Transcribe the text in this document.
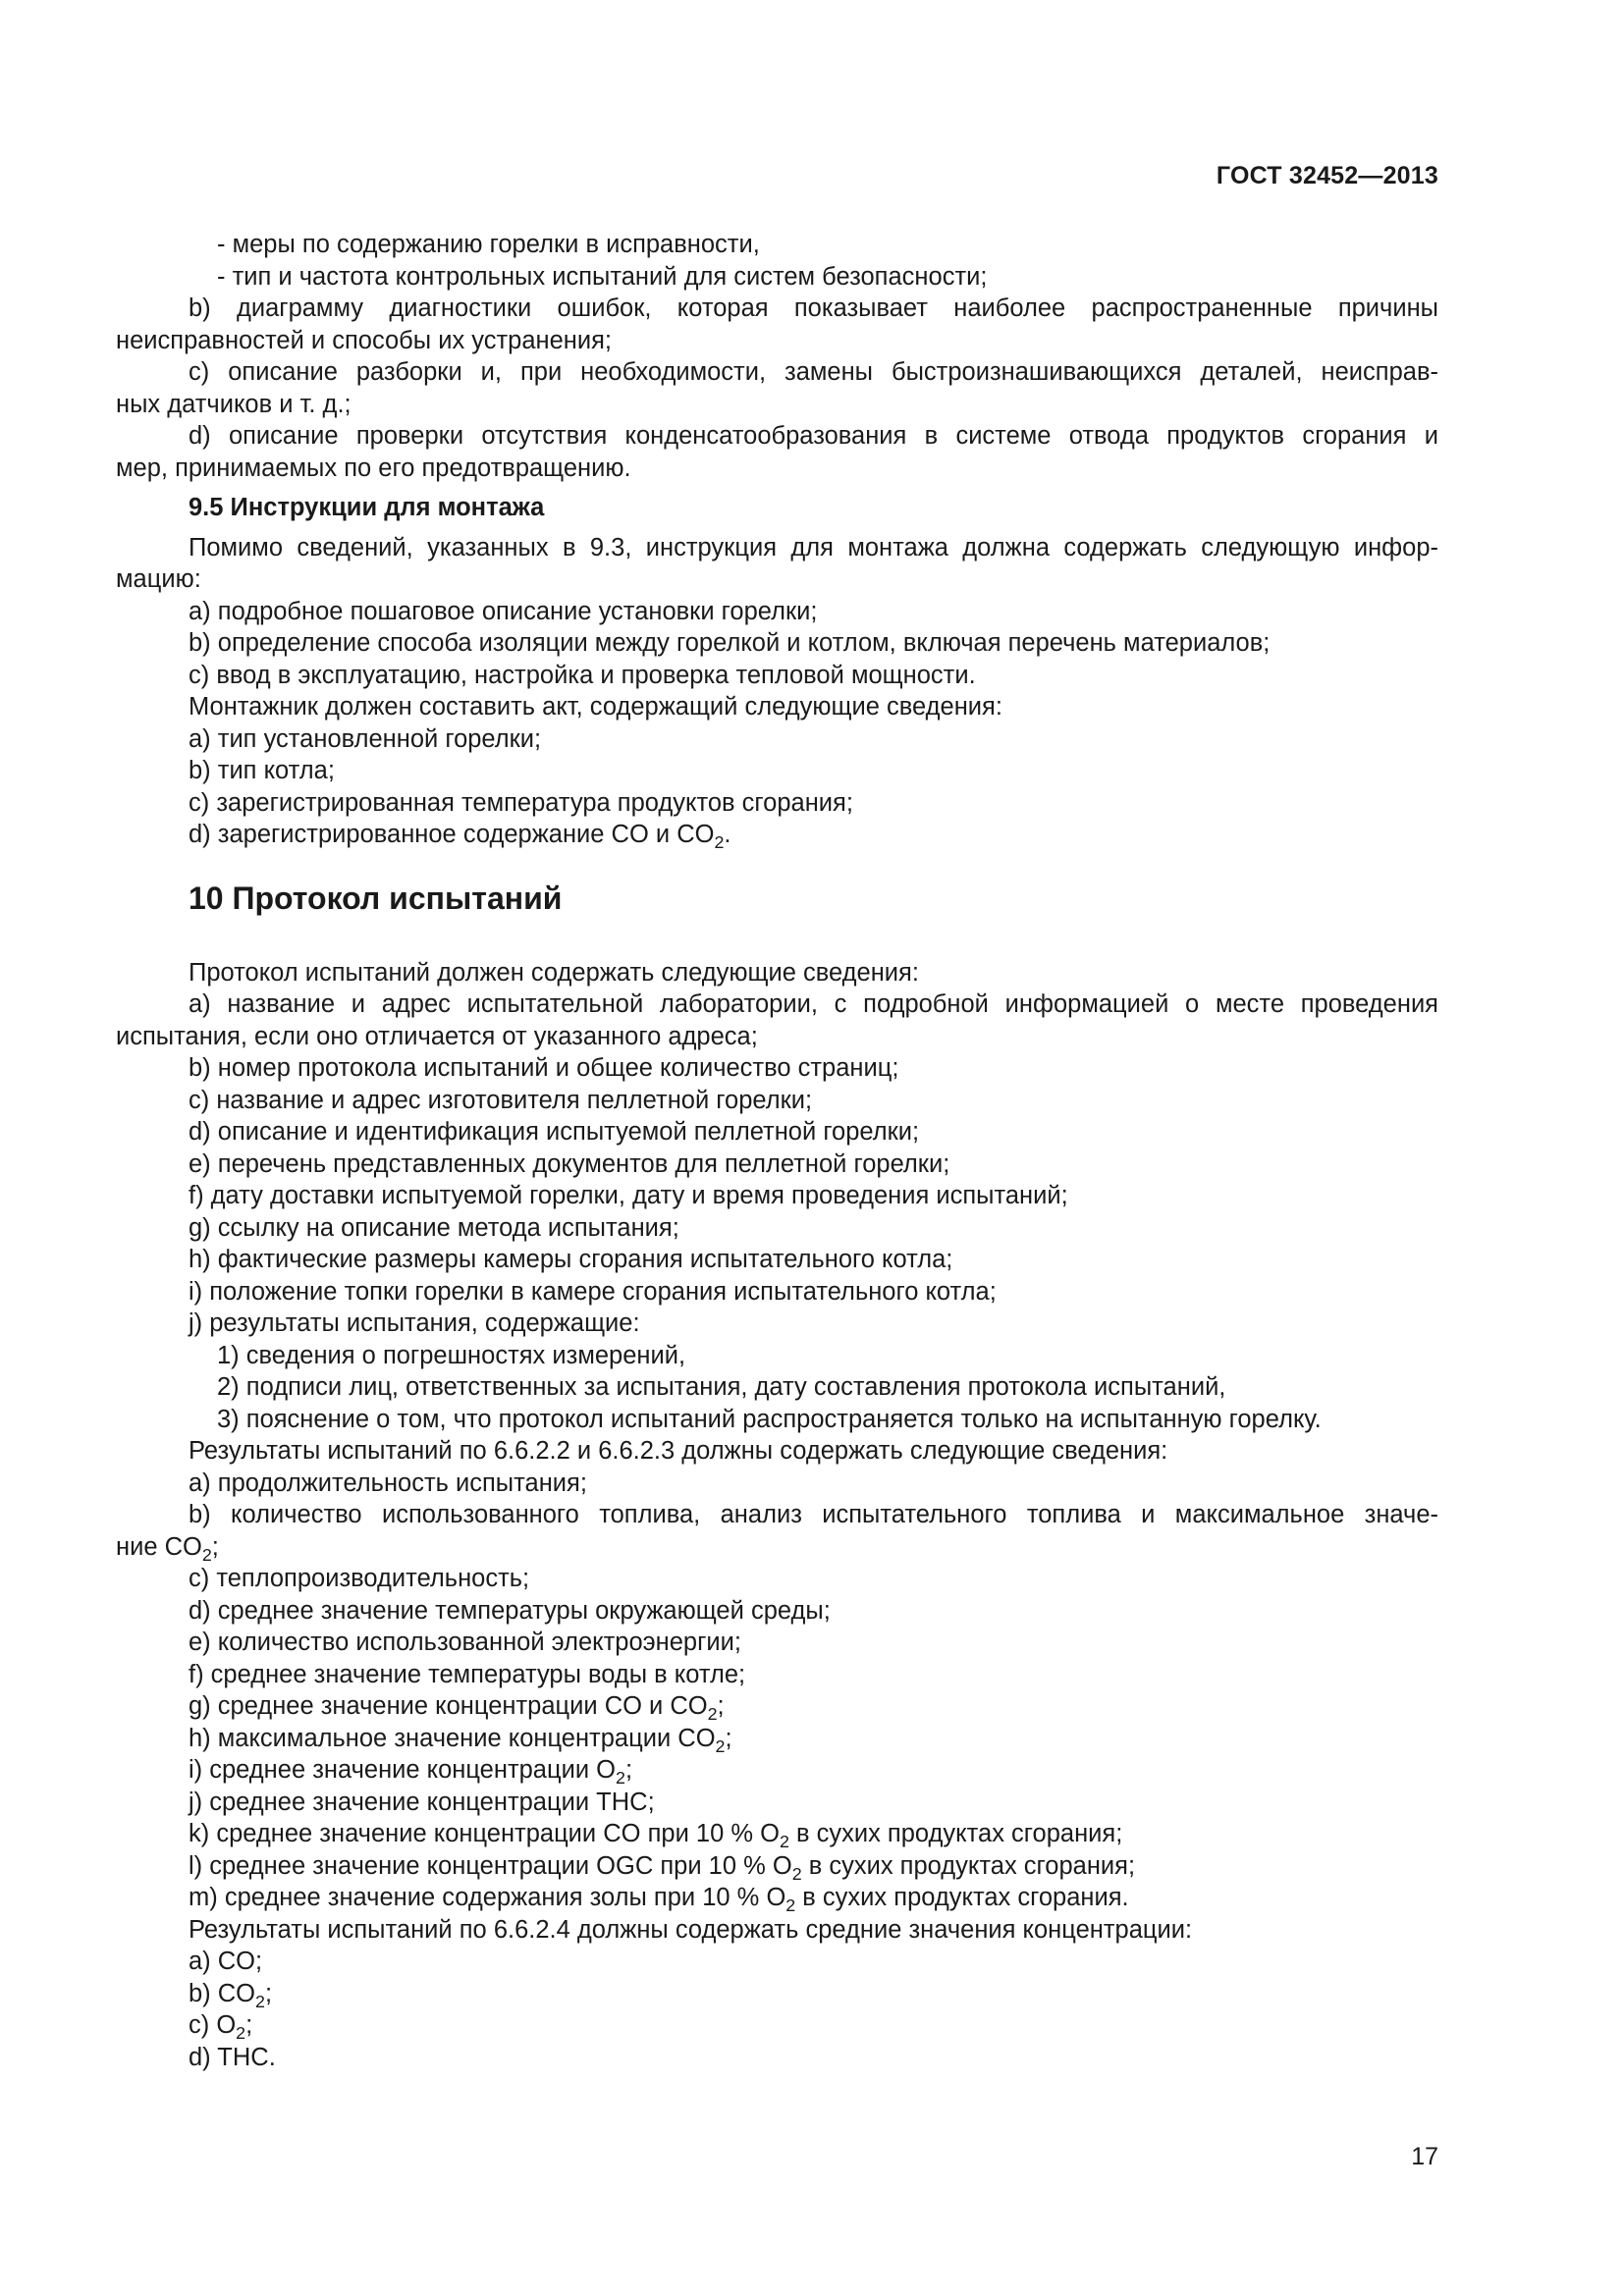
ГОСТ 32452—2013

- меры по содержанию горелки в исправности,

- тип и частота контрольных испытаний для систем безопасности;

b) диаграмму диагностики ошибок, которая показывает наиболее распространенные причины

неисправностей и способы их устранения;

c) описание разборки и, при необходимости, замены быстроизнашивающихся деталей, неисправ-

ных датчиков и т. д.;

d) описание проверки отсутствия конденсатообразования в системе отвода продуктов сгорания и

мер, принимаемых по его предотвращению.

9.5 Инструкции для монтажа

Помимо сведений, указанных в 9.3, инструкция для монтажа должна содержать следующую инфор-

мацию:

a) подробное пошаговое описание установки горелки;

b) определение способа изоляции между горелкой и котлом, включая перечень материалов;

c) ввод в эксплуатацию, настройка и проверка тепловой мощности.

Монтажник должен составить акт, содержащий следующие сведения:

a) тип установленной горелки;

b) тип котла;

c) зарегистрированная температура продуктов сгорания;

d) зарегистрированное содержание CO и $CO_2$.

10 Протокол испытаний

Протокол испытаний должен содержать следующие сведения:

a) название и адрес испытательной лаборатории, с подробной информацией о месте проведения

испытания, если оно отличается от указанного адреса;

b) номер протокола испытаний и общее количество страниц;

c) название и адрес изготовителя пеллетной горелки;

d) описание и идентификация испытуемой пеллетной горелки;

e) перечень представленных документов для пеллетной горелки;

f) дату доставки испытуемой горелки, дату и время проведения испытаний;

g) ссылку на описание метода испытания;

h) фактические размеры камеры сгорания испытательного котла;

i) положение топки горелки в камере сгорания испытательного котла;

j) результаты испытания, содержащие:

1) сведения о погрешностях измерений,

2) подписи лиц, ответственных за испытания, дату составления протокола испытаний,

3) пояснение о том, что протокол испытаний распространяется только на испытанную горелку.

Результаты испытаний по 6.6.2.2 и 6.6.2.3 должны содержать следующие сведения:

a) продолжительность испытания;

b) количество использованного топлива, анализ испытательного топлива и максимальное значе-

ние $CO_2$;

c) теплопроизводительность;

d) среднее значение температуры окружающей среды;

e) количество использованной электроэнергии;

f) среднее значение температуры воды в котле;

g) среднее значение концентрации CO и $CO_2$;

h) максимальное значение концентрации $CO_2$;

i) среднее значение концентрации $O_2$;

j) среднее значение концентрации THC;

k) среднее значение концентрации CO при 10 % $O_2$ в сухих продуктах сгорания;

l) среднее значение концентрации OGC при 10 % $O_2$ в сухих продуктах сгорания;

m) среднее значение содержания золы при 10 % $O_2$ в сухих продуктах сгорания.

Результаты испытаний по 6.6.2.4 должны содержать средние значения концентрации:

a) CO;

b) $CO_2$;

c) $O_2$;

d) THC.

17
